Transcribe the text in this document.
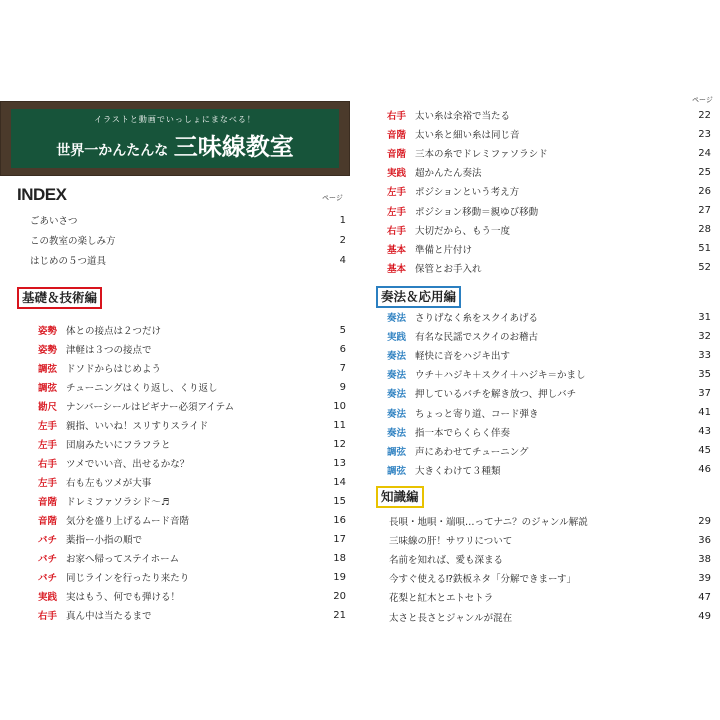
ページ
イラストと動画でいっしょにまなべる！
世界一かんたんな 三味線教室
INDEX	ページ
ごあいさつ	1
この教室の楽しみ方	2
はじめの５つ道具	4
基礎＆技術編	奏法＆応用編
知識編
姿勢 体との接点は２つだけ	5
姿勢 津軽は３つの接点で	6
調弦 ドソドからはじめよう	7
調弦 チューニングはくり返し、くり返し	9
勘尺 ナンバーシールはビギナー必須アイテム	10
左手 親指、いいね！スリすりスライド	11
左手 団扇みたいにフラフラと	12
右手 ツメでいい音、出せるかな？	13
左手 右も左もツメが大事	14
音階 ドレミファソラシド～♬	15
音階 気分を盛り上げるムード音階	16
バチ 薬指ー小指の順で	17
バチ お家へ帰ってステイホーム	18
バチ 同じラインを行ったり来たり	19
実践 実はもう、何でも弾ける！	20
右手 真ん中は当たるまで	21
右手 太い糸は余裕で当たる	22
音階 太い糸と細い糸は同じ音	23
音階 三本の糸でドレミファソラシド	24
実践 超かんたん奏法	25
左手 ポジションという考え方	26
左手 ポジション移動＝親ゆび移動	27
右手 大切だから、もう一度	28
基本 準備と片付け	51
基本 保管とお手入れ	52
奏法 さりげなく糸をスクイあげる	31
実践 有名な民謡でスクイのお稽古	32
奏法 軽快に音をハジキ出す	33
奏法 ウチ＋ハジキ＋スクイ＋ハジキ＝かまし	35
奏法 押しているバチを解き放つ、押しバチ	37
奏法 ちょっと寄り道、コード弾き	41
奏法 指一本でらくらく伴奏	43
調弦 声にあわせてチューニング	45
調弦 大きくわけて３種類	46
長唄・地唄・端唄…ってナニ？のジャンル解説	29
三味線の肝！サワリについて	36
名前を知れば、愛も深まる	38
今すぐ使える⁉鉄板ネタ「分解できまーす」	39
花梨と紅木とエトセトラ	47
太さと長さとジャンルが混在	49
